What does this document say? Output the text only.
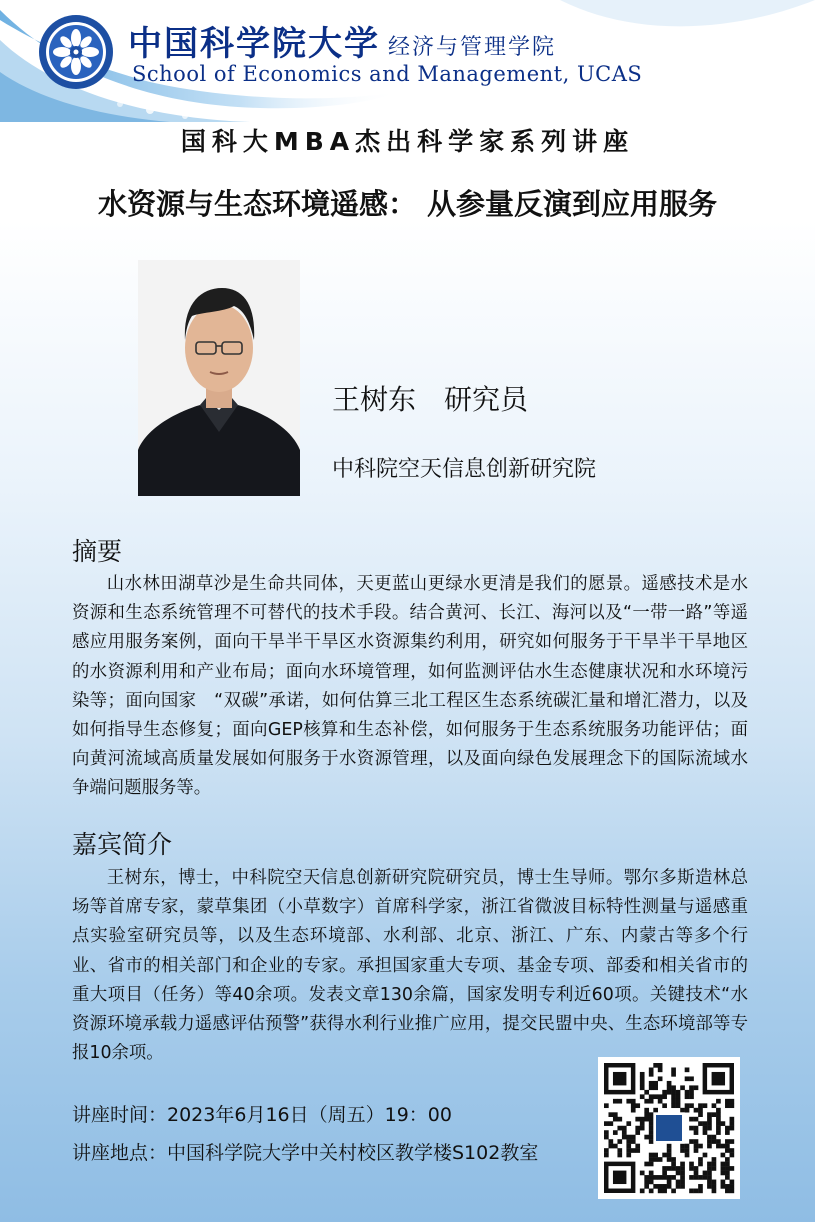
中国科学院大学 经济与管理学院
School of Economics and Management, UCAS
国科大MBA杰出科学家系列讲座
水资源与生态环境遥感： 从参量反演到应用服务
王树东　研究员
中科院空天信息创新研究院
摘要
山水林田湖草沙是生命共同体，天更蓝山更绿水更清是我们的愿景。遥感技术是水资源和生态系统管理不可替代的技术手段。结合黄河、长江、海河以及“一带一路”等遥感应用服务案例，面向干旱半干旱区水资源集约利用，研究如何服务于干旱半干旱地区的水资源利用和产业布局；面向水环境管理，如何监测评估水生态健康状况和水环境污染等；面向国家　“双碳”承诺，如何估算三北工程区生态系统碳汇量和增汇潜力，以及如何指导生态修复；面向GEP核算和生态补偿，如何服务于生态系统服务功能评估；面向黄河流域高质量发展如何服务于水资源管理，以及面向绿色发展理念下的国际流域水争端问题服务等。
嘉宾简介
王树东，博士，中科院空天信息创新研究院研究员，博士生导师。鄂尔多斯造林总场等首席专家，蒙草集团（小草数字）首席科学家，浙江省微波目标特性测量与遥感重点实验室研究员等，以及生态环境部、水利部、北京、浙江、广东、内蒙古等多个行业、省市的相关部门和企业的专家。承担国家重大专项、基金专项、部委和相关省市的重大项目（任务）等40余项。发表文章130余篇，国家发明专利近60项。关键技术“水资源环境承载力遥感评估预警”获得水利行业推广应用，提交民盟中央、生态环境部等专报10余项。
讲座时间：2023年6月16日（周五）19：00
讲座地点：中国科学院大学中关村校区教学楼S102教室
